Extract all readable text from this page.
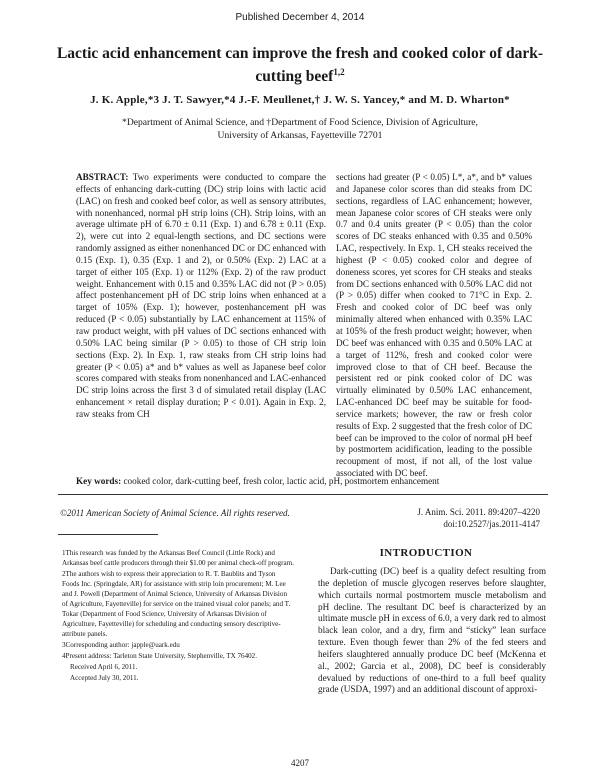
Published December 4, 2014
Lactic acid enhancement can improve the fresh and cooked color of dark-cutting beef$^{1,2}$
J. K. Apple,*3 J. T. Sawyer,*4 J.-F. Meullenet,† J. W. S. Yancey,* and M. D. Wharton*
*Department of Animal Science, and †Department of Food Science, Division of Agriculture,
University of Arkansas, Fayetteville 72701
ABSTRACT: Two experiments were conducted to compare the effects of enhancing dark-cutting (DC) strip loins with lactic acid (LAC) on fresh and cooked beef color, as well as sensory attributes, with nonenhanced, normal pH strip loins (CH). Strip loins, with an average ultimate pH of 6.70 ± 0.11 (Exp. 1) and 6.78 ± 0.11 (Exp. 2), were cut into 2 equal-length sections, and DC sections were randomly assigned as either nonenhanced DC or DC enhanced with 0.15 (Exp. 1), 0.35 (Exp. 1 and 2), or 0.50% (Exp. 2) LAC at a target of either 105 (Exp. 1) or 112% (Exp. 2) of the raw product weight. Enhancement with 0.15 and 0.35% LAC did not (P > 0.05) affect postenhancement pH of DC strip loins when enhanced at a target of 105% (Exp. 1); however, postenhancement pH was reduced (P < 0.05) substantially by LAC enhancement at 115% of raw product weight, with pH values of DC sections enhanced with 0.50% LAC being similar (P > 0.05) to those of CH strip loin sections (Exp. 2). In Exp. 1, raw steaks from CH strip loins had greater (P < 0.05) a* and b* values as well as Japanese beef color scores compared with steaks from nonenhanced and LAC-enhanced DC strip loins across the first 3 d of simulated retail display (LAC enhancement × retail display duration; P < 0.01). Again in Exp. 2, raw steaks from CH
sections had greater (P < 0.05) L*, a*, and b* values and Japanese color scores than did steaks from DC sections, regardless of LAC enhancement; however, mean Japanese color scores of CH steaks were only 0.7 and 0.4 units greater (P < 0.05) than the color scores of DC steaks enhanced with 0.35 and 0.50% LAC, respectively. In Exp. 1, CH steaks received the highest (P < 0.05) cooked color and degree of doneness scores, yet scores for CH steaks and steaks from DC sections enhanced with 0.50% LAC did not (P > 0.05) differ when cooked to 71°C in Exp. 2. Fresh and cooked color of DC beef was only minimally altered when enhanced with 0.35% LAC at 105% of the fresh product weight; however, when DC beef was enhanced with 0.35 and 0.50% LAC at a target of 112%, fresh and cooked color were improved close to that of CH beef. Because the persistent red or pink cooked color of DC was virtually eliminated by 0.50% LAC enhancement, LAC-enhanced DC beef may be suitable for food-service markets; however, the raw or fresh color results of Exp. 2 suggested that the fresh color of DC beef can be improved to the color of normal pH beef by postmortem acidification, leading to the possible recoupment of most, if not all, of the lost value associated with DC beef.
Key words: cooked color, dark-cutting beef, fresh color, lactic acid, pH, postmortem enhancement
©2011 American Society of Animal Science. All rights reserved.	J. Anim. Sci. 2011. 89:4207–4220
doi:10.2527/jas.2011-4147

1This research was funded by the Arkansas Beef Council (Little Rock) and Arkansas beef cattle producers through their $1.00 per animal check-off program.

2The authors wish to express their appreciation to R. T. Baublits and Tyson Foods Inc. (Springdale, AR) for assistance with strip loin procurement; M. Lee and J. Powell (Department of Animal Science, University of Arkansas Division of Agriculture, Fayetteville) for service on the trained visual color panels; and T. Tokar (Department of Food Science, University of Arkansas Division of Agriculture, Fayetteville) for scheduling and conducting sensory descriptive-attribute panels.

3Corresponding author: japple@uark.edu

4Present address: Tarleton State University, Stephenville, TX 76402.

Received April 6, 2011.

Accepted July 30, 2011.

INTRODUCTION
Dark-cutting (DC) beef is a quality defect resulting from the depletion of muscle glycogen reserves before slaughter, which curtails normal postmortem muscle metabolism and pH decline. The resultant DC beef is characterized by an ultimate muscle pH in excess of 6.0, a very dark red to almost black lean color, and a dry, firm and “sticky” lean surface texture. Even though fewer than 2% of the fed steers and heifers slaughtered annually produce DC beef (McKenna et al., 2002; Garcia et al., 2008), DC beef is considerably devalued by reductions of one-third to a full beef quality grade (USDA, 1997) and an additional discount of approxi-
4207
